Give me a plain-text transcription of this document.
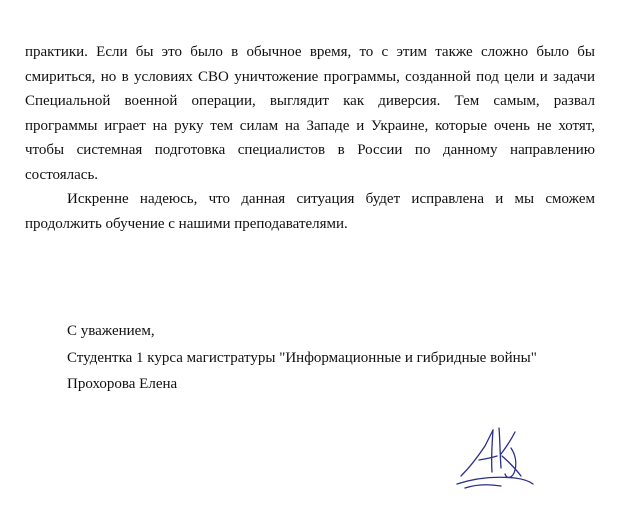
практики. Если бы это было в обычное время, то с этим также сложно было бы
смириться, но в условиях СВО уничтожение программы, созданной под цели и задачи
Специальной военной операции, выглядит как диверсия. Тем самым, развал
программы играет на руку тем силам на Западе и Украине, которые очень не хотят,
чтобы системная подготовка специалистов в России по данному направлению
состоялась.

Искренне надеюсь, что данная ситуация будет исправлена и мы сможем
продолжить обучение с нашими преподавателями.

С уважением,
Студентка 1 курса магистратуры "Информационные и гибридные войны"
Прохорова Елена
